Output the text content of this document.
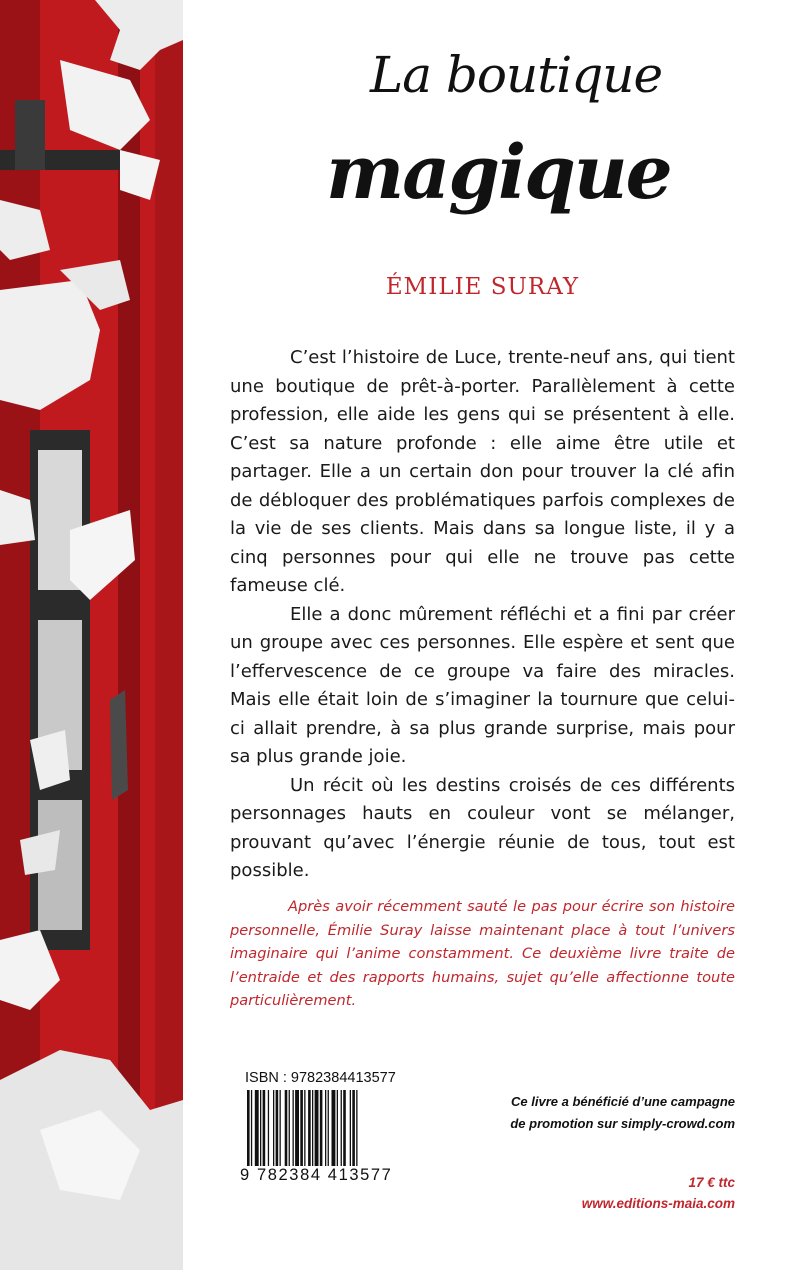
La boutique
magique
ÉMILIE SURAY

C’est l’histoire de Luce, trente-neuf ans, qui tient une boutique de prêt-à-porter. Parallèlement à cette profession, elle aide les gens qui se présentent à elle. C’est sa nature profonde : elle aime être utile et partager. Elle a un certain don pour trouver la clé afin de débloquer des problématiques parfois complexes de la vie de ses clients. Mais dans sa longue liste, il y a cinq personnes pour qui elle ne trouve pas cette fameuse clé.

Elle a donc mûrement réfléchi et a fini par créer un groupe avec ces personnes. Elle espère et sent que l’effervescence de ce groupe va faire des miracles. Mais elle était loin de s’imaginer la tournure que celui-ci allait prendre, à sa plus grande surprise, mais pour sa plus grande joie.

Un récit où les destins croisés de ces différents personnages hauts en couleur vont se mélanger, prouvant qu’avec l’énergie réunie de tous, tout est possible.

Après avoir récemment sauté le pas pour écrire son histoire personnelle, Émilie Suray laisse maintenant place à tout l’univers imaginaire qui l’anime constamment. Ce deuxième livre traite de l’entraide et des rapports humains, sujet qu’elle affectionne toute particulièrement.
ISBN : 9782384413577
9 782384 413577
Ce livre a bénéficié d’une campagne
de promotion sur simply-crowd.com
17 € ttc
www.editions-maia.com
